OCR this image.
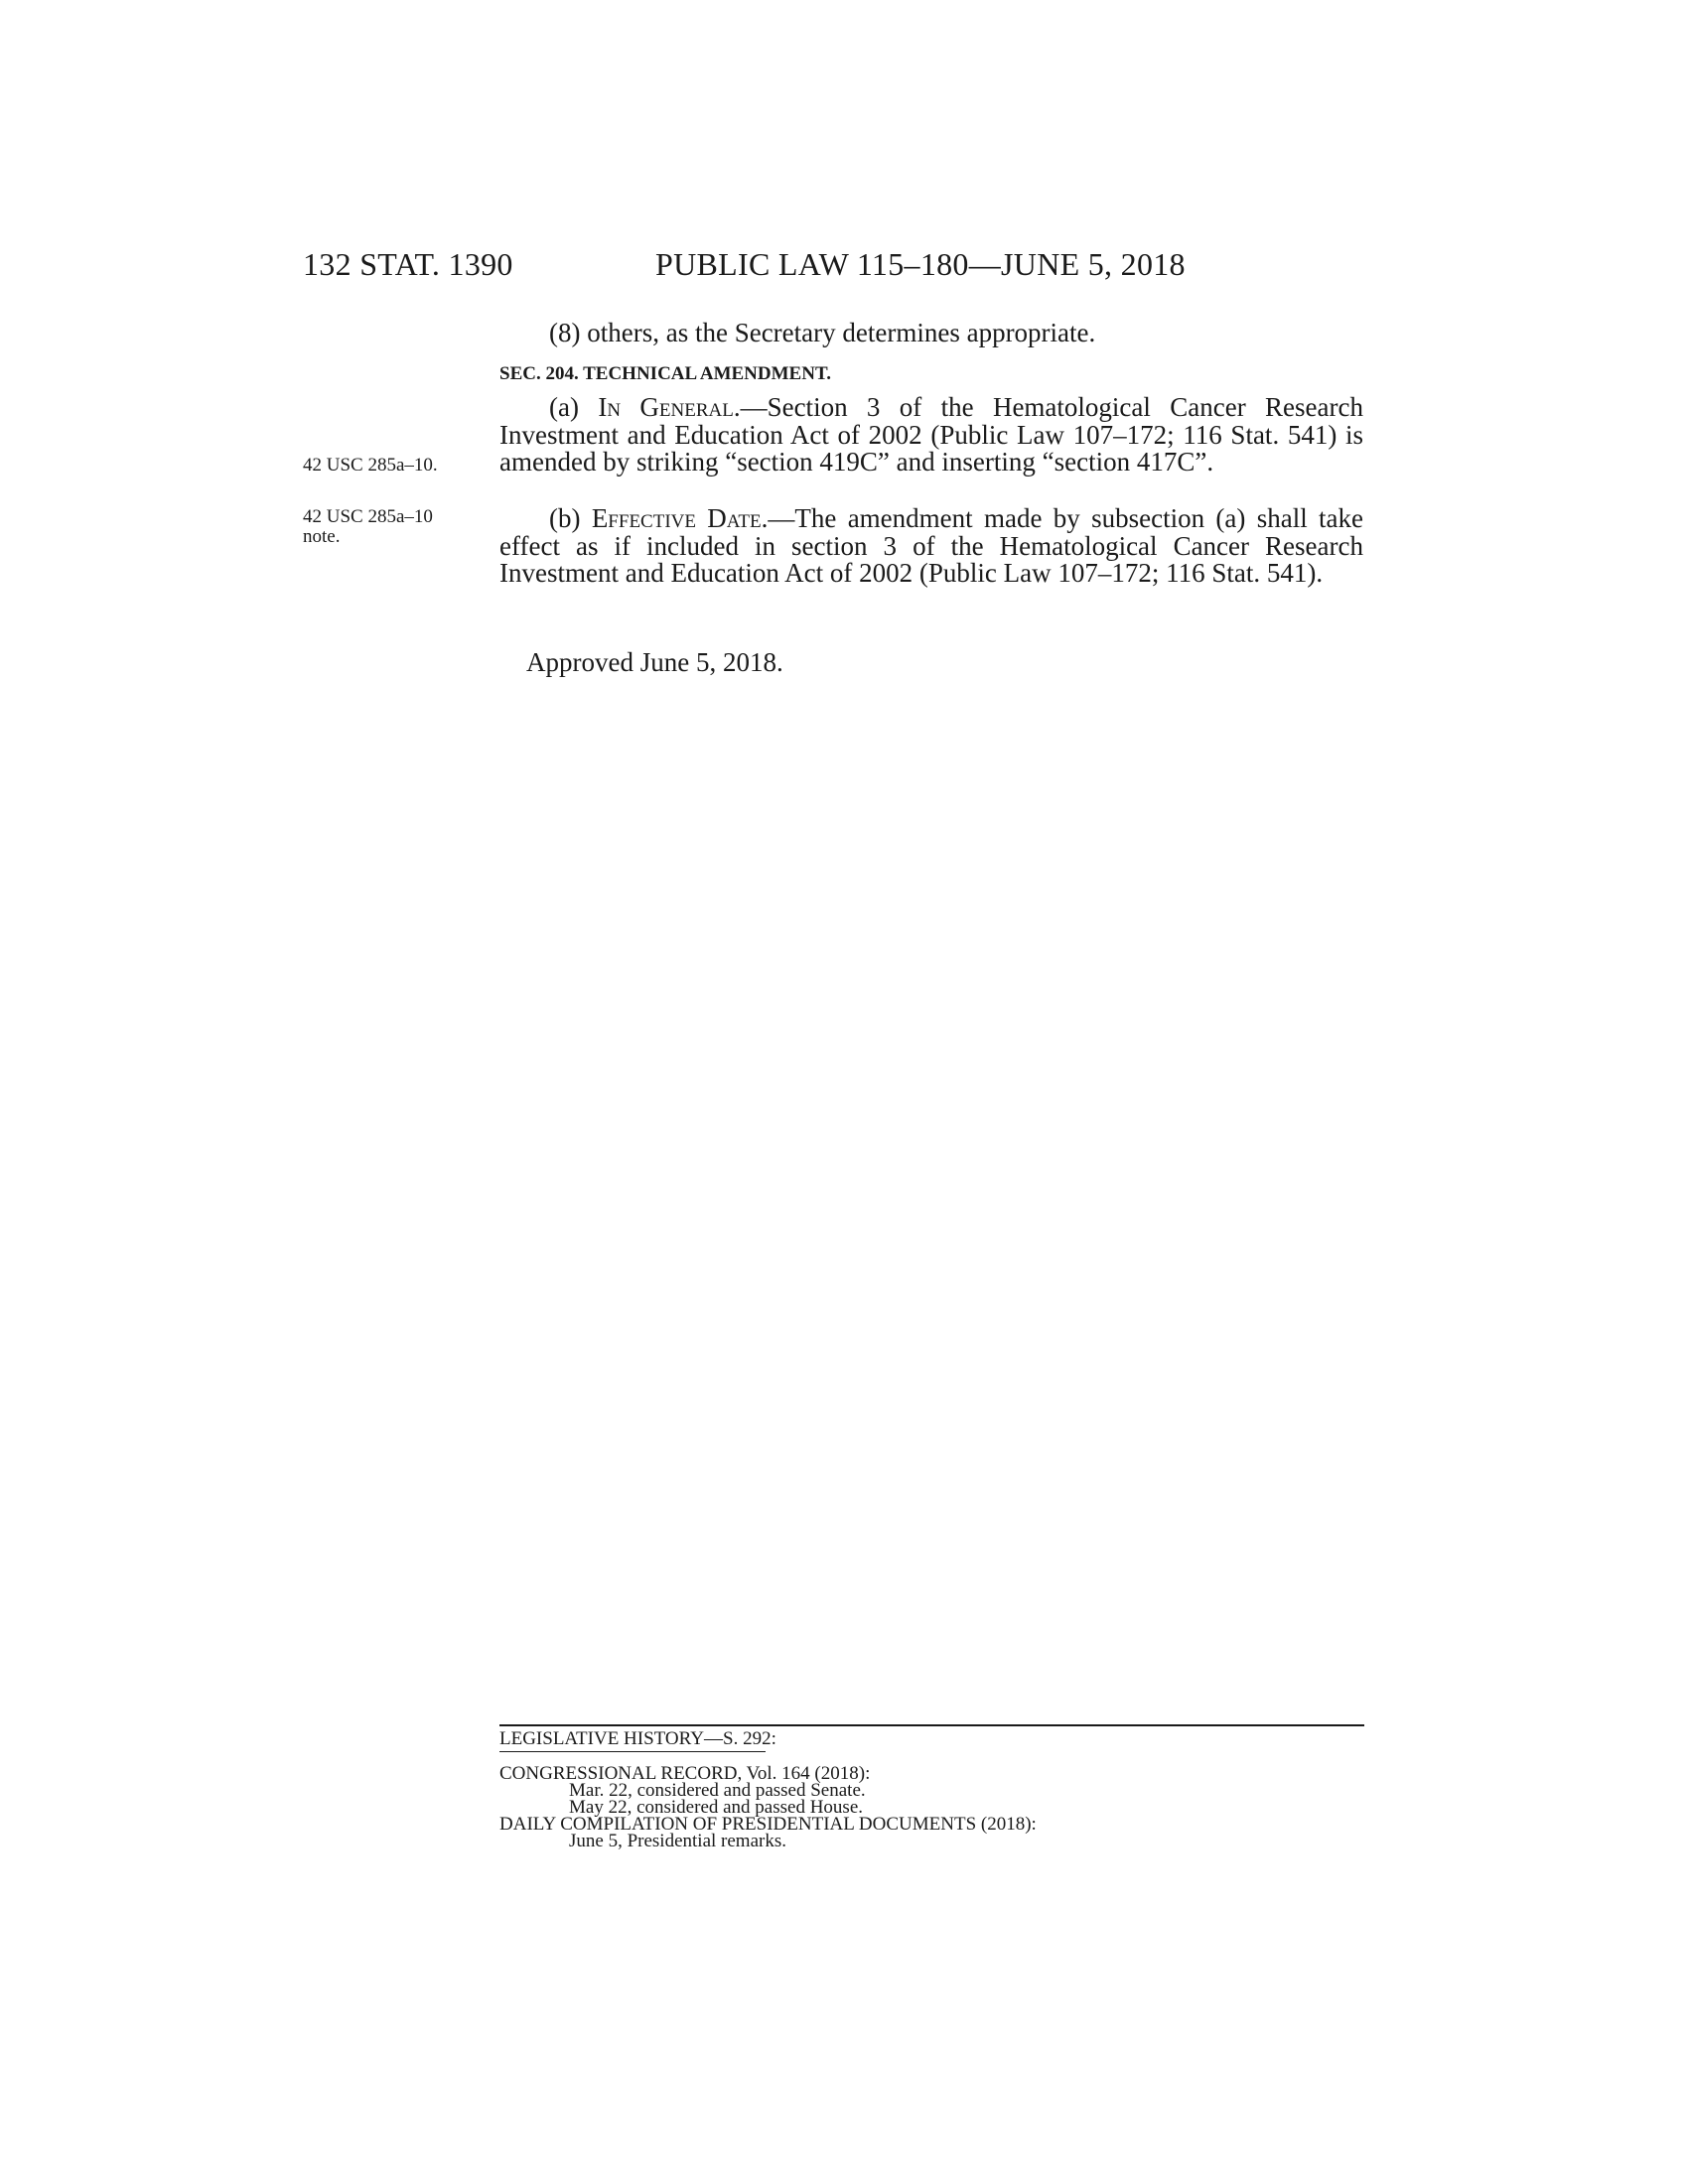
132 STAT. 1390	PUBLIC LAW 115–180—JUNE 5, 2018
(8) others, as the Secretary determines appropriate.
SEC. 204. TECHNICAL AMENDMENT.
42 USC 285a–10.
42 USC 285a–10
note.

(a) In General.—Section 3 of the Hematological Cancer Research Investment and Education Act of 2002 (Public Law 107–172; 116 Stat. 541) is amended by striking “section 419C” and inserting “section 417C”.

(b) Effective Date.—The amendment made by subsection (a) shall take effect as if included in section 3 of the Hematological Cancer Research Investment and Education Act of 2002 (Public Law 107–172; 116 Stat. 541).

Approved June 5, 2018.
LEGISLATIVE HISTORY—S. 292:
CONGRESSIONAL RECORD, Vol. 164 (2018):
Mar. 22, considered and passed Senate.
May 22, considered and passed House.
DAILY COMPILATION OF PRESIDENTIAL DOCUMENTS (2018):
June 5, Presidential remarks.
